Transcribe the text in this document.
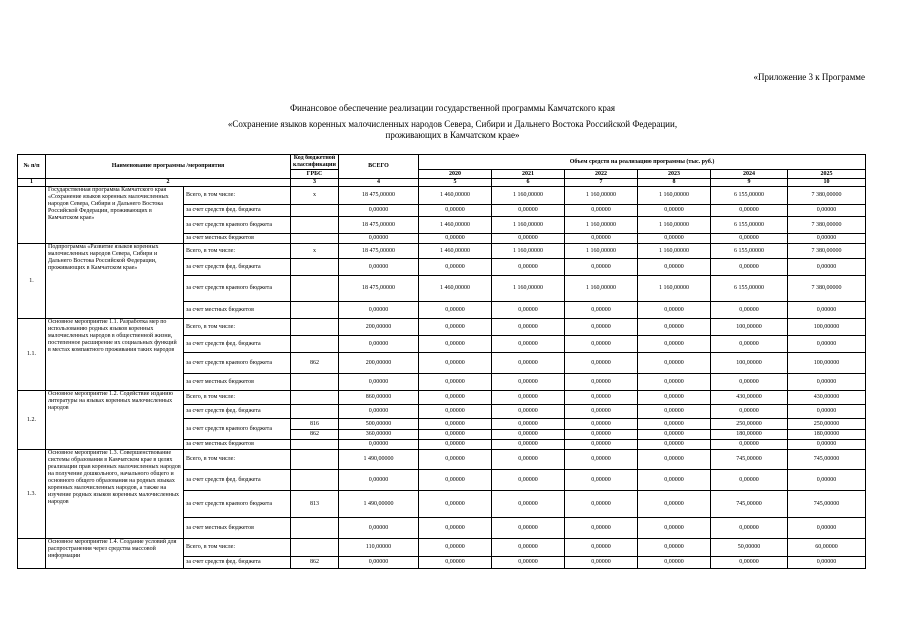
«Приложение 3 к Программе
Финансовое обеспечение реализации государственной программы Камчатского края
«Сохранение языков коренных малочисленных народов Севера, Сибири и Дальнего Востока Российской Федерации,
проживающих в Камчатском крае»
№ п/п	Наименование программы /мероприятия		Код бюджетной классификации	ВСЕГО	Объем средств на реализацию программы (тыс. руб.)					
			ГРБС		2020	2021	2022	2023	2024	2025
1	2		3	4	5	6	7	8	9	10
	Государственная программа Камчатского края «Сохранение языков коренных малочисленных народов Севера, Сибири и Дальнего Востока Российской Федерации, проживающих в Камчатском крае»	Всего, в том числе:	х	18 475,00000	1 460,00000	1 160,00000	1 160,00000	1 160,00000	6 155,00000	7 380,00000
		за счет средств фед. бюджета		0,00000	0,00000	0,00000	0,00000	0,00000	0,00000	0,00000
		за счет средств краевого бюджета		18 475,00000	1 460,00000	1 160,00000	1 160,00000	1 160,00000	6 155,00000	7 380,00000
		за счет местных бюджетов		0,00000	0,00000	0,00000	0,00000	0,00000	0,00000	0,00000
1.	Подпрограмма «Развитие языков коренных малочисленных народов Севера, Сибири и Дальнего Востока Российской Федерации, проживающих в Камчатском крае»	Всего, в том числе:	х	18 475,00000	1 460,00000	1 160,00000	1 160,00000	1 160,00000	6 155,00000	7 380,00000
		за счет средств фед. бюджета		0,00000	0,00000	0,00000	0,00000	0,00000	0,00000	0,00000
		за счет средств краевого бюджета		18 475,00000	1 460,00000	1 160,00000	1 160,00000	1 160,00000	6 155,00000	7 380,00000
		за счет местных бюджетов		0,00000	0,00000	0,00000	0,00000	0,00000	0,00000	0,00000
1.1.	Основное мероприятие 1.1. Разработка мер по использованию родных языков коренных малочисленных народов в общественной жизни, постепенное расширение их социальных функций в местах компактного проживания таких народов	Всего, в том числе:		200,00000	0,00000	0,00000	0,00000	0,00000	100,00000	100,00000
		за счет средств фед. бюджета		0,00000	0,00000	0,00000	0,00000	0,00000	0,00000	0,00000
		за счет средств краевого бюджета	862	200,00000	0,00000	0,00000	0,00000	0,00000	100,00000	100,00000
		за счет местных бюджетов		0,00000	0,00000	0,00000	0,00000	0,00000	0,00000	0,00000
1.2.	Основное мероприятие 1.2. Содействие изданию литературы на языках коренных малочисленных народов	Всего, в том числе:		860,00000	0,00000	0,00000	0,00000	0,00000	430,00000	430,00000
		за счет средств фед. бюджета		0,00000	0,00000	0,00000	0,00000	0,00000	0,00000	0,00000
		за счет средств краевого бюджета	816	500,00000	0,00000	0,00000	0,00000	0,00000	250,00000	250,00000
			862	360,00000	0,00000	0,00000	0,00000	0,00000	180,00000	180,00000
		за счет местных бюджетов		0,00000	0,00000	0,00000	0,00000	0,00000	0,00000	0,00000
1.3.	Основное мероприятие 1.3. Совершенствование системы образования в Камчатском крае в целях реализации прав коренных малочисленных народов на получение дошкольного, начального общего и основного общего образования на родных языках коренных малочисленных народов, а также на изучение родных языков коренных малочисленных народов	Всего, в том числе:		1 490,00000	0,00000	0,00000	0,00000	0,00000	745,00000	745,00000
		за счет средств фед. бюджета		0,00000	0,00000	0,00000	0,00000	0,00000	0,00000	0,00000
		за счет средств краевого бюджета	813	1 490,00000	0,00000	0,00000	0,00000	0,00000	745,00000	745,00000
		за счет местных бюджетов		0,00000	0,00000	0,00000	0,00000	0,00000	0,00000	0,00000
	Основное мероприятие 1.4. Создание условий для распространения через средства массовой информации	Всего, в том числе:		110,00000	0,00000	0,00000	0,00000	0,00000	50,00000	60,00000
		за счет средств фед. бюджета	862	0,00000	0,00000	0,00000	0,00000	0,00000	0,00000	0,00000
